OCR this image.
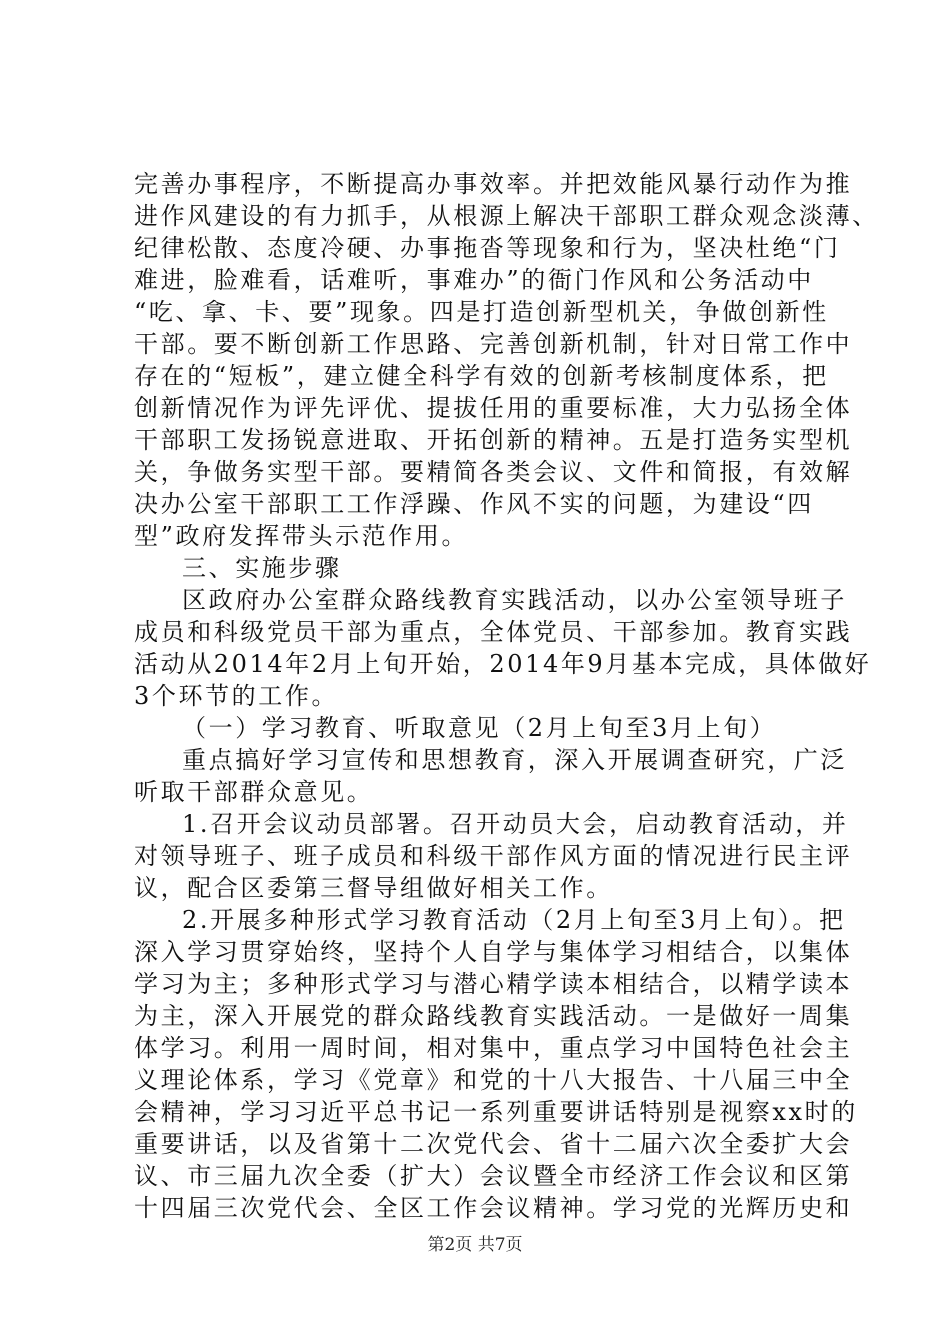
完善办事程序，不断提高办事效率。并把效能风暴行动作为推
进作风建设的有力抓手，从根源上解决干部职工群众观念淡薄、
纪律松散、态度冷硬、办事拖沓等现象和行为，坚决杜绝“门
难进，脸难看，话难听，事难办”的衙门作风和公务活动中
“吃、拿、卡、要”现象。四是打造创新型机关，争做创新性
干部。要不断创新工作思路、完善创新机制，针对日常工作中
存在的“短板”，建立健全科学有效的创新考核制度体系，把
创新情况作为评先评优、提拔任用的重要标准，大力弘扬全体
干部职工发扬锐意进取、开拓创新的精神。五是打造务实型机
关，争做务实型干部。要精简各类会议、文件和简报，有效解
决办公室干部职工工作浮躁、作风不实的问题，为建设“四
型”政府发挥带头示范作用。
三、实施步骤
区政府办公室群众路线教育实践活动，以办公室领导班子
成员和科级党员干部为重点，全体党员、干部参加。教育实践
活动从2014年2月上旬开始，2014年9月基本完成，具体做好
3个环节的工作。
（一）学习教育、听取意见（2月上旬至3月上旬）
重点搞好学习宣传和思想教育，深入开展调查研究，广泛
听取干部群众意见。
1.召开会议动员部署。召开动员大会，启动教育活动，并
对领导班子、班子成员和科级干部作风方面的情况进行民主评
议，配合区委第三督导组做好相关工作。
2.开展多种形式学习教育活动（2月上旬至3月上旬）。把
深入学习贯穿始终，坚持个人自学与集体学习相结合，以集体
学习为主；多种形式学习与潜心精学读本相结合，以精学读本
为主，深入开展党的群众路线教育实践活动。一是做好一周集
体学习。利用一周时间，相对集中，重点学习中国特色社会主
义理论体系，学习《党章》和党的十八大报告、十八届三中全
会精神，学习习近平总书记一系列重要讲话特别是视察xx时的
重要讲话，以及省第十二次党代会、省十二届六次全委扩大会
议、市三届九次全委（扩大）会议暨全市经济工作会议和区第
十四届三次党代会、全区工作会议精神。学习党的光辉历史和
第2页 共7页
